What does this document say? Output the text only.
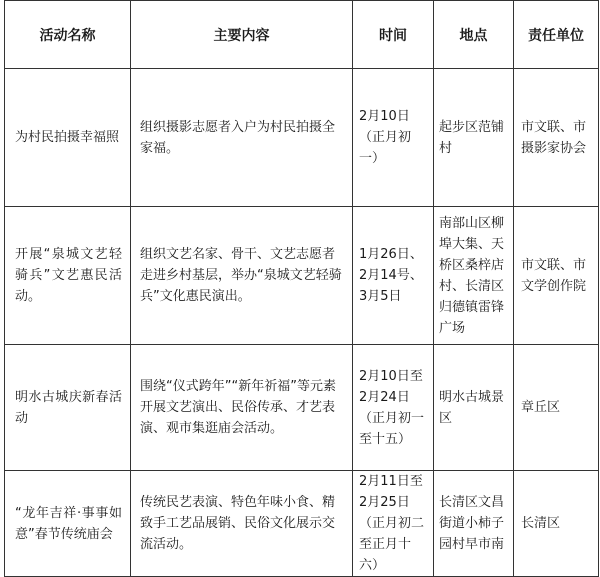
活动名称	主要内容	时间	地点	责任单位
为村民拍摄幸福照	组织摄影志愿者入户为村民拍摄全家福。	2月10日（正月初一）	起步区范铺村	市文联、市摄影家协会
开展“泉城文艺轻骑兵”文艺惠民活动。	组织文艺名家、骨干、文艺志愿者走进乡村基层，举办“泉城文艺轻骑兵”文化惠民演出。	1月26日、2月14号、3月5日	南部山区柳埠大集、天桥区桑梓店村、长清区归德镇雷锋广场	市文联、市文学创作院
明水古城庆新春活动	围绕“仪式跨年”“新年祈福”等元素开展文艺演出、民俗传承、才艺表演、观市集逛庙会活动。	2月10日至2月24日（正月初一至十五）	明水古城景区	章丘区
“龙年吉祥·事事如意”春节传统庙会	传统民艺表演、特色年味小食、精致手工艺品展销、民俗文化展示交流活动。	2月11日至2月25日（正月初二至正月十六）	长清区文昌街道小柿子园村早市南	长清区
